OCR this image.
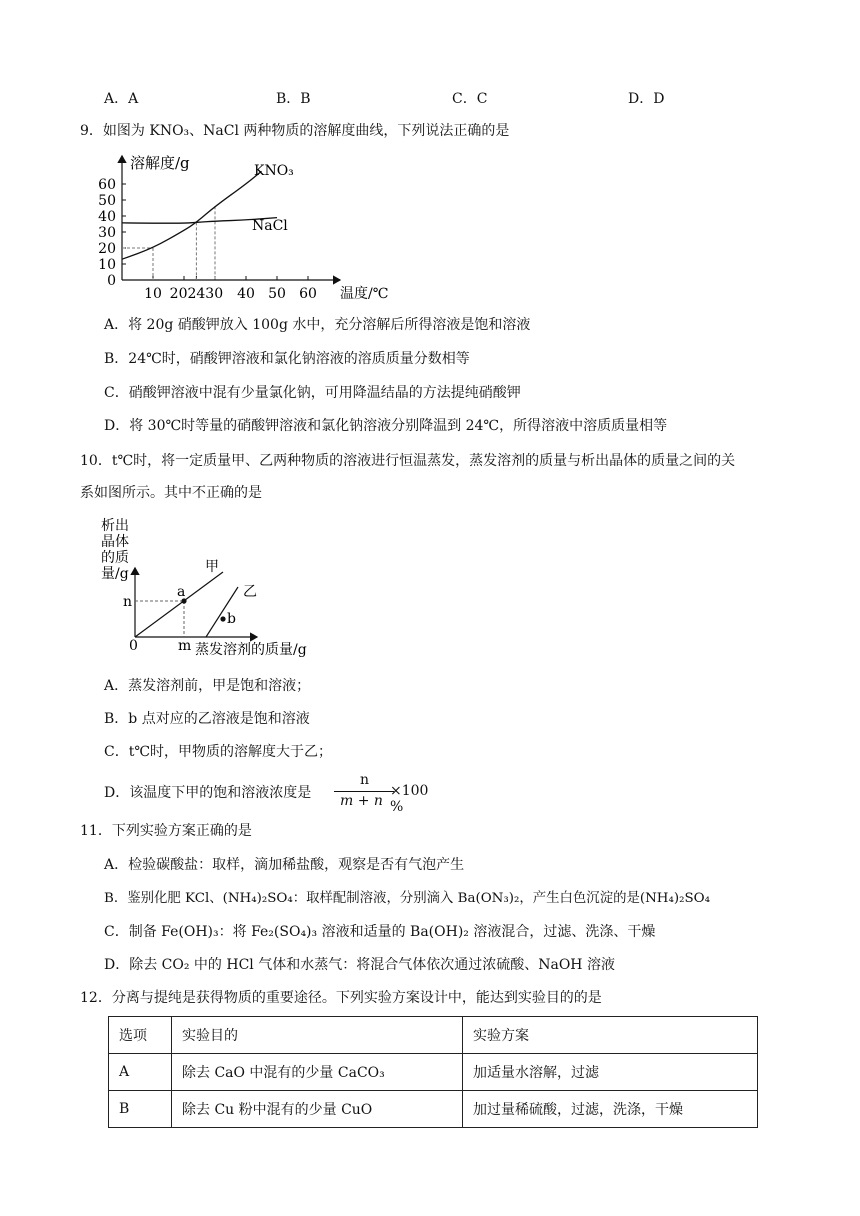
A．A	B．B	C．C	D．D
9．如图为 KNO₃、NaCl 两种物质的溶解度曲线，下列说法正确的是
溶解度/g
温度/℃
0
10
20
30
40
50
60
10 202430 40 50 60
KNO₃
NaCl
A．将 20g 硝酸钾放入 100g 水中，充分溶解后所得溶液是饱和溶液
B．24℃时，硝酸钾溶液和氯化钠溶液的溶质质量分数相等
C．硝酸钾溶液中混有少量氯化钠，可用降温结晶的方法提纯硝酸钾
D．将 30℃时等量的硝酸钾溶液和氯化钠溶液分别降温到 24℃，所得溶液中溶质质量相等
10．t℃时，将一定质量甲、乙两种物质的溶液进行恒温蒸发，蒸发溶剂的质量与析出晶体的质量之间的关
系如图所示。其中不正确的是
析出
晶体
的质
量/g
a
b
甲
乙
n
m
0	蒸发溶剂的质量/g
A．蒸发溶剂前，甲是饱和溶液；
B．b 点对应的乙溶液是饱和溶液
C．t℃时，甲物质的溶解度大于乙；
D．该温度下甲的饱和溶液浓度是
n
m + n
×100 %
11．下列实验方案正确的是
A．检验碳酸盐：取样，滴加稀盐酸，观察是否有气泡产生
B．鉴别化肥 KCl、(NH₄)₂SO₄：取样配制溶液，分别滴入 Ba(ON₃)₂，产生白色沉淀的是(NH₄)₂SO₄
C．制备 Fe(OH)₃：将 Fe₂(SO₄)₃ 溶液和适量的 Ba(OH)₂ 溶液混合，过滤、洗涤、干燥
D．除去 CO₂ 中的 HCl 气体和水蒸气：将混合气体依次通过浓硫酸、NaOH 溶液
12．分离与提纯是获得物质的重要途径。下列实验方案设计中，能达到实验目的的是
选项	实验目的	实验方案
A	除去 CaO 中混有的少量 CaCO₃	加适量水溶解，过滤
B	除去 Cu 粉中混有的少量 CuO	加过量稀硫酸，过滤，洗涤，干燥
